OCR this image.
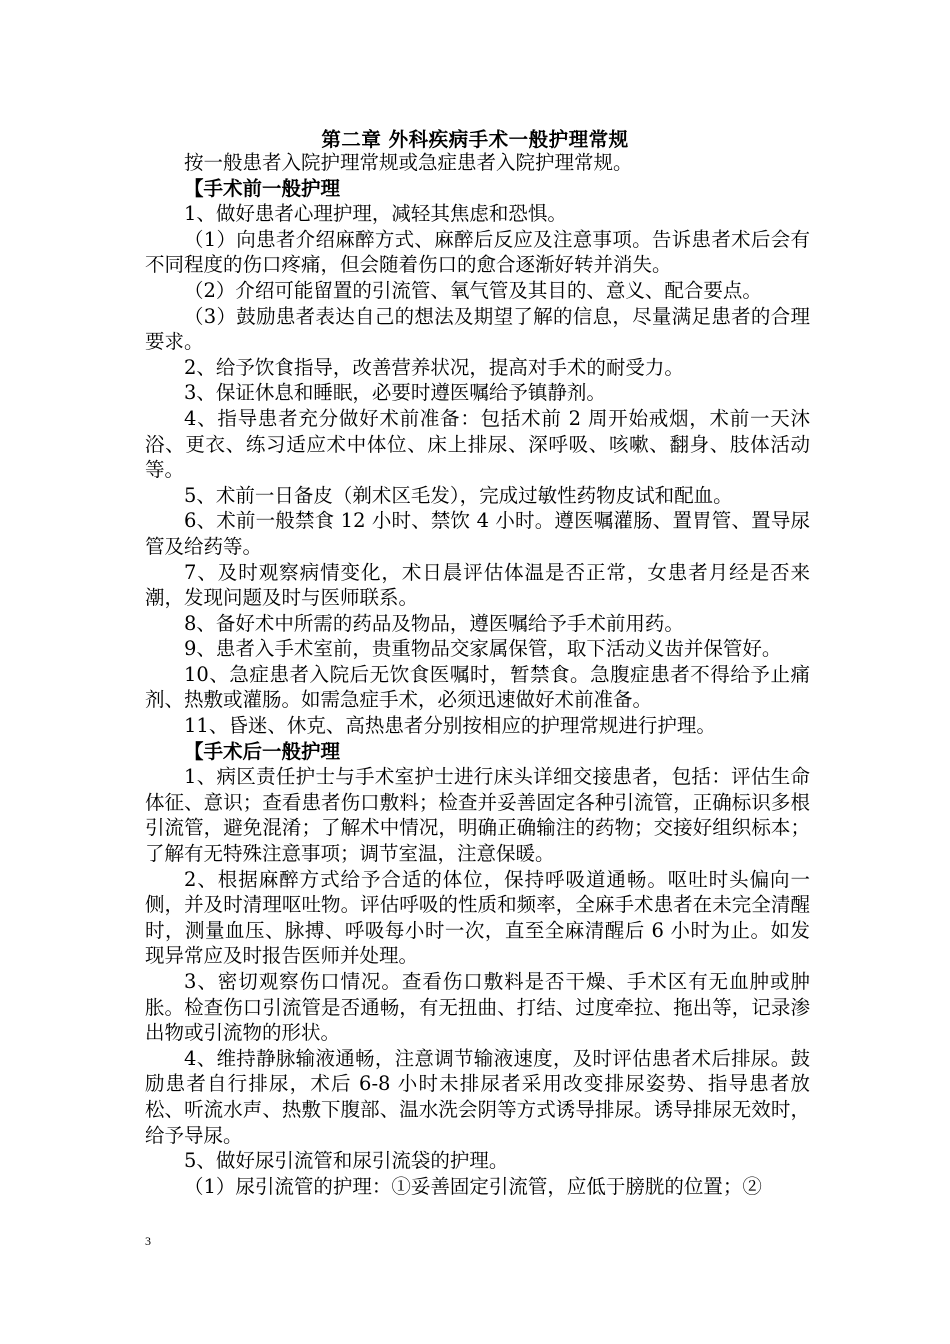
第二章 外科疾病手术一般护理常规

按一般患者入院护理常规或急症患者入院护理常规。

【手术前一般护理

1、做好患者心理护理，减轻其焦虑和恐惧。

（1）向患者介绍麻醉方式、麻醉后反应及注意事项。告诉患者术后会有不同程度的伤口疼痛，但会随着伤口的愈合逐渐好转并消失。

（2）介绍可能留置的引流管、氧气管及其目的、意义、配合要点。

（3）鼓励患者表达自己的想法及期望了解的信息，尽量满足患者的合理要求。

2、给予饮食指导，改善营养状况，提高对手术的耐受力。

3、保证休息和睡眠，必要时遵医嘱给予镇静剂。

4、指导患者充分做好术前准备：包括术前 2 周开始戒烟，术前一天沐浴、更衣、练习适应术中体位、床上排尿、深呼吸、咳嗽、翻身、肢体活动等。

5、术前一日备皮（剃术区毛发），完成过敏性药物皮试和配血。

6、术前一般禁食 12 小时、禁饮 4 小时。遵医嘱灌肠、置胃管、置导尿管及给药等。

7、及时观察病情变化，术日晨评估体温是否正常，女患者月经是否来潮，发现问题及时与医师联系。

8、备好术中所需的药品及物品，遵医嘱给予手术前用药。

9、患者入手术室前，贵重物品交家属保管，取下活动义齿并保管好。

10、急症患者入院后无饮食医嘱时，暂禁食。急腹症患者不得给予止痛剂、热敷或灌肠。如需急症手术，必须迅速做好术前准备。

11、昏迷、休克、高热患者分别按相应的护理常规进行护理。

【手术后一般护理

1、病区责任护士与手术室护士进行床头详细交接患者，包括：评估生命体征、意识；查看患者伤口敷料；检查并妥善固定各种引流管，正确标识多根引流管，避免混淆；了解术中情况，明确正确输注的药物；交接好组织标本；了解有无特殊注意事项；调节室温，注意保暖。

2、根据麻醉方式给予合适的体位，保持呼吸道通畅。呕吐时头偏向一侧，并及时清理呕吐物。评估呼吸的性质和频率，全麻手术患者在未完全清醒时，测量血压、脉搏、呼吸每小时一次，直至全麻清醒后 6 小时为止。如发现异常应及时报告医师并处理。

3、密切观察伤口情况。查看伤口敷料是否干燥、手术区有无血肿或肿胀。检查伤口引流管是否通畅，有无扭曲、打结、过度牵拉、拖出等，记录渗出物或引流物的形状。

4、维持静脉输液通畅，注意调节输液速度，及时评估患者术后排尿。鼓励患者自行排尿，术后 6-8 小时未排尿者采用改变排尿姿势、指导患者放松、听流水声、热敷下腹部、温水洗会阴等方式诱导排尿。诱导排尿无效时，给予导尿。

5、做好尿引流管和尿引流袋的护理。

（1）尿引流管的护理：①妥善固定引流管，应低于膀胱的位置；②

3
